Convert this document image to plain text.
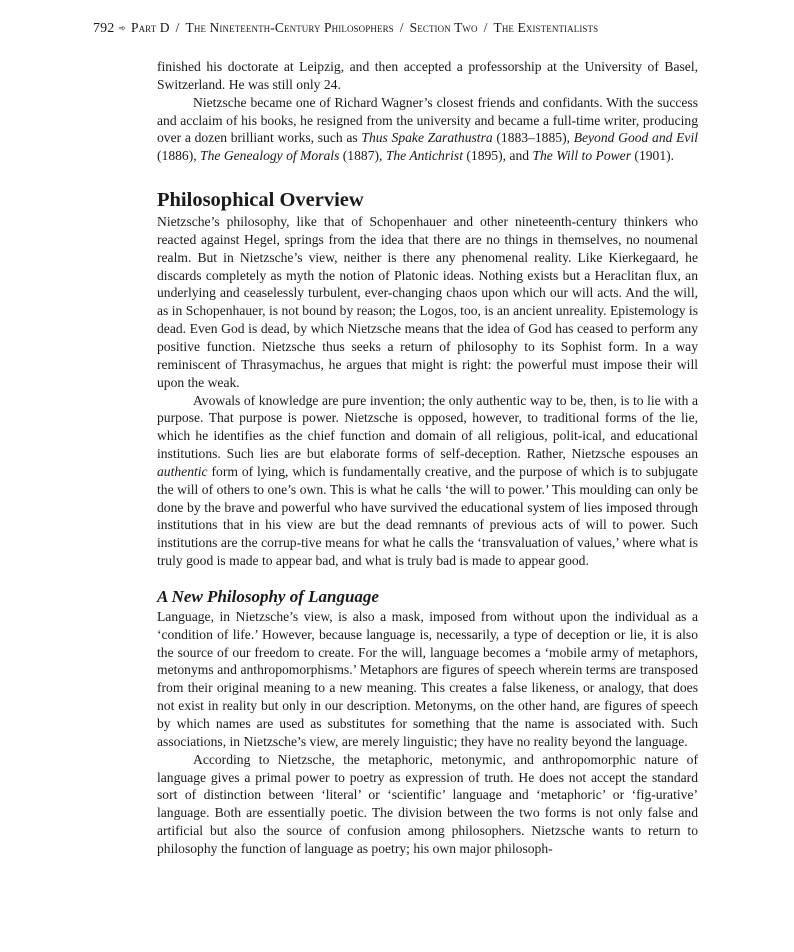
792 ➾ Part D / The Nineteenth-Century Philosophers / Section Two / The Existentialists

finished his doctorate at Leipzig, and then accepted a professorship at the University of Basel, Switzerland. He was still only 24.

Nietzsche became one of Richard Wagner’s closest friends and confidants. With the success and acclaim of his books, he resigned from the university and became a full-time writer, producing over a dozen brilliant works, such as Thus Spake Zarathustra (1883–1885), Beyond Good and Evil (1886), The Genealogy of Morals (1887), The Antichrist (1895), and The Will to Power (1901).

Philosophical Overview

Nietzsche’s philosophy, like that of Schopenhauer and other nineteenth-century thinkers who reacted against Hegel, springs from the idea that there are no things in themselves, no noumenal realm. But in Nietzsche’s view, neither is there any phenomenal reality. Like Kierkegaard, he discards completely as myth the notion of Platonic ideas. Nothing exists but a Heraclitan flux, an underlying and ceaselessly turbulent, ever-changing chaos upon which our will acts. And the will, as in Schopenhauer, is not bound by reason; the Logos, too, is an ancient unreality. Epistemology is dead. Even God is dead, by which Nietzsche means that the idea of God has ceased to perform any positive function. Nietzsche thus seeks a return of philosophy to its Sophist form. In a way reminiscent of Thrasymachus, he argues that might is right: the powerful must impose their will upon the weak.

Avowals of knowledge are pure invention; the only authentic way to be, then, is to lie with a purpose. That purpose is power. Nietzsche is opposed, however, to traditional forms of the lie, which he identifies as the chief function and domain of all religious, polit-ical, and educational institutions. Such lies are but elaborate forms of self-deception. Rather, Nietzsche espouses an authentic form of lying, which is fundamentally creative, and the purpose of which is to subjugate the will of others to one’s own. This is what he calls ‘the will to power.’ This moulding can only be done by the brave and powerful who have survived the educational system of lies imposed through institutions that in his view are but the dead remnants of previous acts of will to power. Such institutions are the corrup-tive means for what he calls the ‘transvaluation of values,’ where what is truly good is made to appear bad, and what is truly bad is made to appear good.

A New Philosophy of Language

Language, in Nietzsche’s view, is also a mask, imposed from without upon the individual as a ‘condition of life.’ However, because language is, necessarily, a type of deception or lie, it is also the source of our freedom to create. For the will, language becomes a ‘mobile army of metaphors, metonyms and anthropomorphisms.’ Metaphors are figures of speech wherein terms are transposed from their original meaning to a new meaning. This creates a false likeness, or analogy, that does not exist in reality but only in our description. Metonyms, on the other hand, are figures of speech by which names are used as substitutes for something that the name is associated with. Such associations, in Nietzsche’s view, are merely linguistic; they have no reality beyond the language.

According to Nietzsche, the metaphoric, metonymic, and anthropomorphic nature of language gives a primal power to poetry as expression of truth. He does not accept the standard sort of distinction between ‘literal’ or ‘scientific’ language and ‘metaphoric’ or ‘fig-urative’ language. Both are essentially poetic. The division between the two forms is not only false and artificial but also the source of confusion among philosophers. Nietzsche wants to return to philosophy the function of language as poetry; his own major philosoph-
